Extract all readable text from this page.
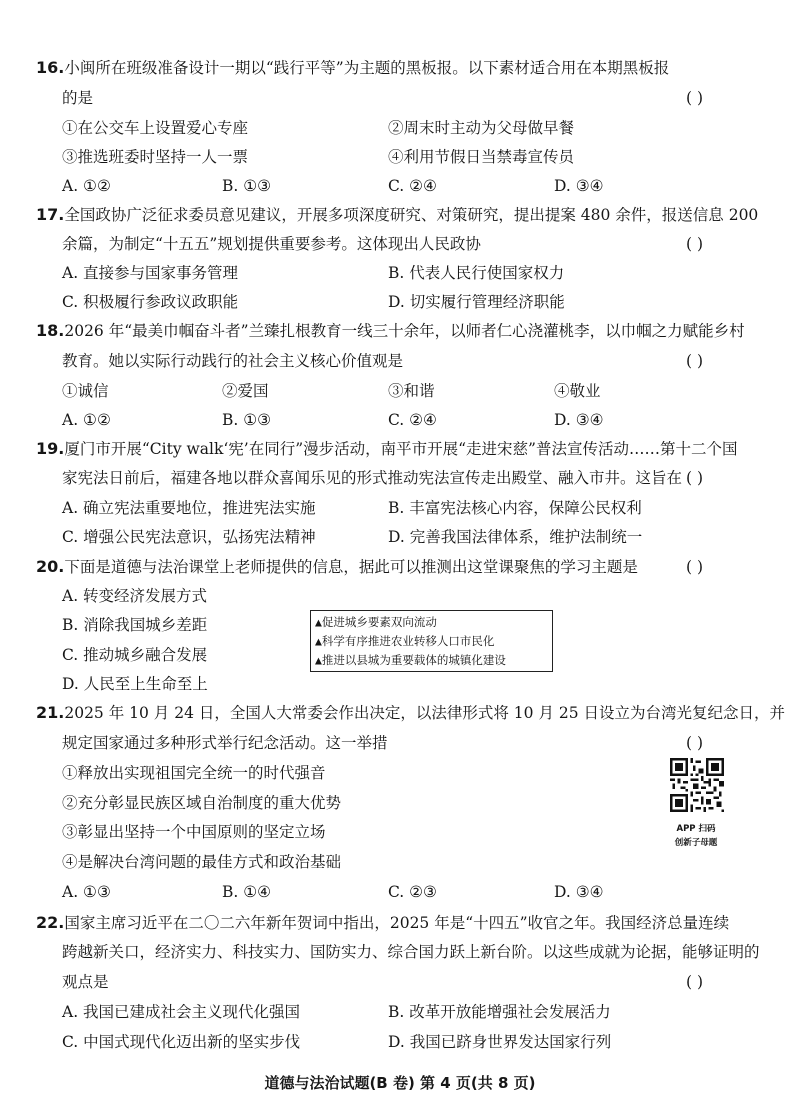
16.小闽所在班级准备设计一期以“践行平等”为主题的黑板报。以下素材适合用在本期黑板报
的是	( )
①在公交车上设置爱心专座	②周末时主动为父母做早餐
③推选班委时坚持一人一票	④利用节假日当禁毒宣传员
A. ①②	B. ①③	C. ②④	D. ③④
17.全国政协广泛征求委员意见建议，开展多项深度研究、对策研究，提出提案 480 余件，报送信息 200
余篇，为制定“十五五”规划提供重要参考。这体现出人民政协	( )
A. 直接参与国家事务管理	B. 代表人民行使国家权力
C. 积极履行参政议政职能	D. 切实履行管理经济职能
18.2026 年“最美巾帼奋斗者”兰臻扎根教育一线三十余年，以师者仁心浇灌桃李，以巾帼之力赋能乡村
教育。她以实际行动践行的社会主义核心价值观是	( )
①诚信	②爱国	③和谐	④敬业
A. ①②	B. ①③	C. ②④	D. ③④
19.厦门市开展“City walk‘宪’在同行”漫步活动，南平市开展“走进宋慈”普法宣传活动……第十二个国
家宪法日前后，福建各地以群众喜闻乐见的形式推动宪法宣传走出殿堂、融入市井。这旨在 ( )
A. 确立宪法重要地位，推进宪法实施	B. 丰富宪法核心内容，保障公民权利
C. 增强公民宪法意识，弘扬宪法精神	D. 完善我国法律体系，维护法制统一
20.下面是道德与法治课堂上老师提供的信息，据此可以推测出这堂课聚焦的学习主题是	( )
A. 转变经济发展方式
B. 消除我国城乡差距
C. 推动城乡融合发展
D. 人民至上生命至上
▲促进城乡要素双向流动
▲科学有序推进农业转移人口市民化
▲推进以县城为重要载体的城镇化建设
21.2025 年 10 月 24 日，全国人大常委会作出决定，以法律形式将 10 月 25 日设立为台湾光复纪念日，并
规定国家通过多种形式举行纪念活动。这一举措	( )
①释放出实现祖国完全统一的时代强音
②充分彰显民族区域自治制度的重大优势
③彰显出坚持一个中国原则的坚定立场
④是解决台湾问题的最佳方式和政治基础
A. ①③	B. ①④	C. ②③	D. ③④
APP 扫码
创新子母题
22.国家主席习近平在二〇二六年新年贺词中指出，2025 年是“十四五”收官之年。我国经济总量连续
跨越新关口，经济实力、科技实力、国防实力、综合国力跃上新台阶。以这些成就为论据，能够证明的
观点是	( )
A. 我国已建成社会主义现代化强国	B. 改革开放能增强社会发展活力
C. 中国式现代化迈出新的坚实步伐	D. 我国已跻身世界发达国家行列
道德与法治试题(B 卷) 第 4 页(共 8 页)
